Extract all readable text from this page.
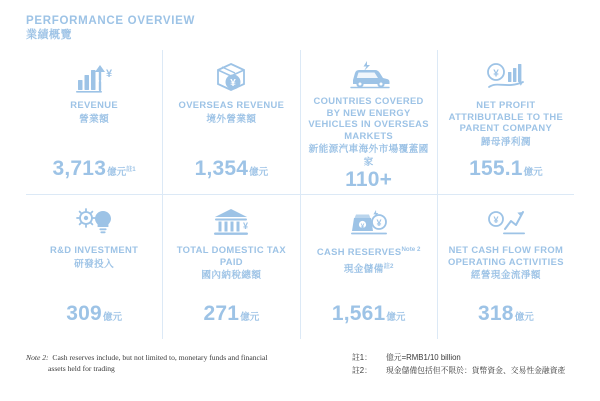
PERFORMANCE OVERVIEW
業績概覽
¥
REVENUE
營業額
3,713 億元$^{註1}$
¥
OVERSEAS REVENUE
境外營業額
1,354 億元
COUNTRIES COVERED BY NEW ENERGY VEHICLES IN OVERSEAS MARKETS
新能源汽車海外市場覆蓋國家
110+
¥
NET PROFIT ATTRIBUTABLE TO THE PARENT COMPANY
歸母淨利潤
155.1 億元
R&D INVESTMENT
研發投入
309 億元
¥
TOTAL DOMESTIC TAX PAID
國內納稅總額
271 億元
¥ ¥
CASH RESERVES$^{Note 2}$
現金儲備$^{註2}$
1,561 億元
¥
NET CASH FLOW FROM OPERATING ACTIVITIES
經營現金流淨額
318 億元
Note 2: Cash reserves include, but not limited to, monetary funds and financial
assets held for trading
註1：	億元=RMB1/10 billion
註2：	現金儲備包括但不限於：貨幣資金、交易性金融資產
